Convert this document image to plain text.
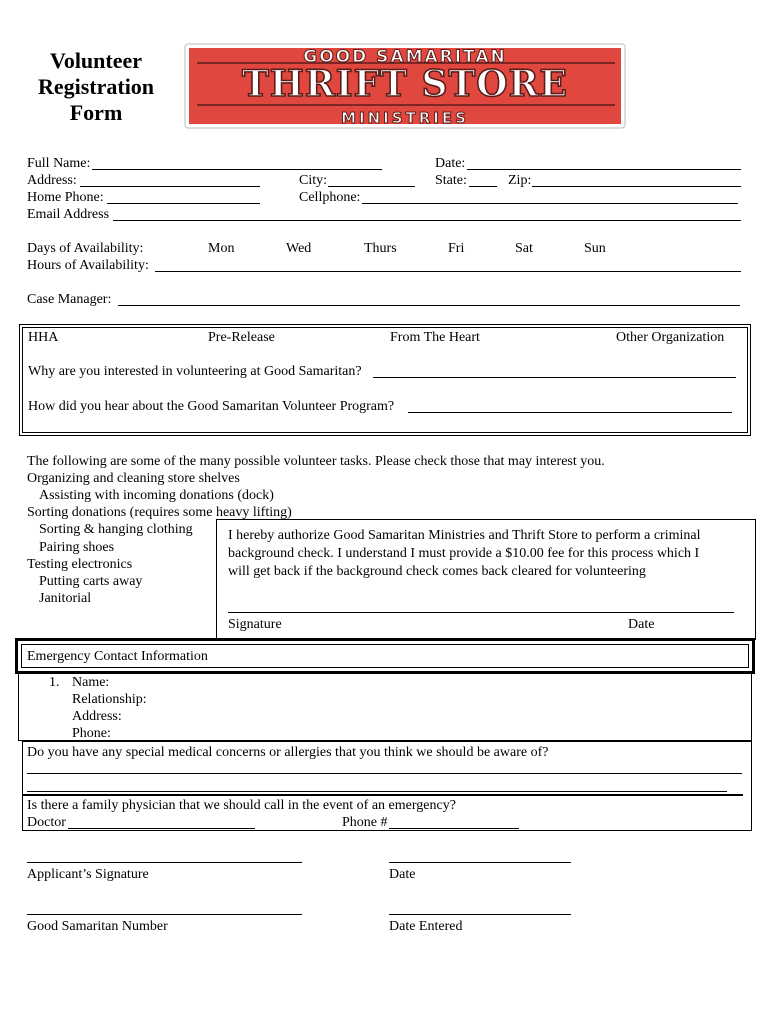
Volunteer
Registration
Form
GOOD SAMARITAN
THRIFT STORE
MINISTRIES
Full Name:	Date:
Address:	City:	State:	Zip:
Home Phone:	Cellphone:
Email Address
Days of Availability:	Mon	Wed	Thurs	Fri	Sat	Sun
Hours of Availability:
Case Manager:
HHA	Pre-Release	From The Heart	Other Organization
Why are you interested in volunteering at Good Samaritan?
How did you hear about the Good Samaritan Volunteer Program?
The following are some of the many possible volunteer tasks. Please check those that may interest you.
Organizing and cleaning store shelves
Assisting with incoming donations (dock)
Sorting donations (requires some heavy lifting)
Sorting & hanging clothing
Pairing shoes
Testing electronics
Putting carts away
Janitorial
I hereby authorize Good Samaritan Ministries and Thrift Store to perform a criminal
background check. I understand I must provide a $10.00 fee for this process which I
will get back if the background check comes back cleared for volunteering
Signature	Date
Emergency Contact Information
1. Name:
Relationship:
Address:
Phone:
Do you have any special medical concerns or allergies that you think we should be aware of?
Is there a family physician that we should call in the event of an emergency?
Doctor	Phone #
Applicant’s Signature	Date
Good Samaritan Number	Date Entered
